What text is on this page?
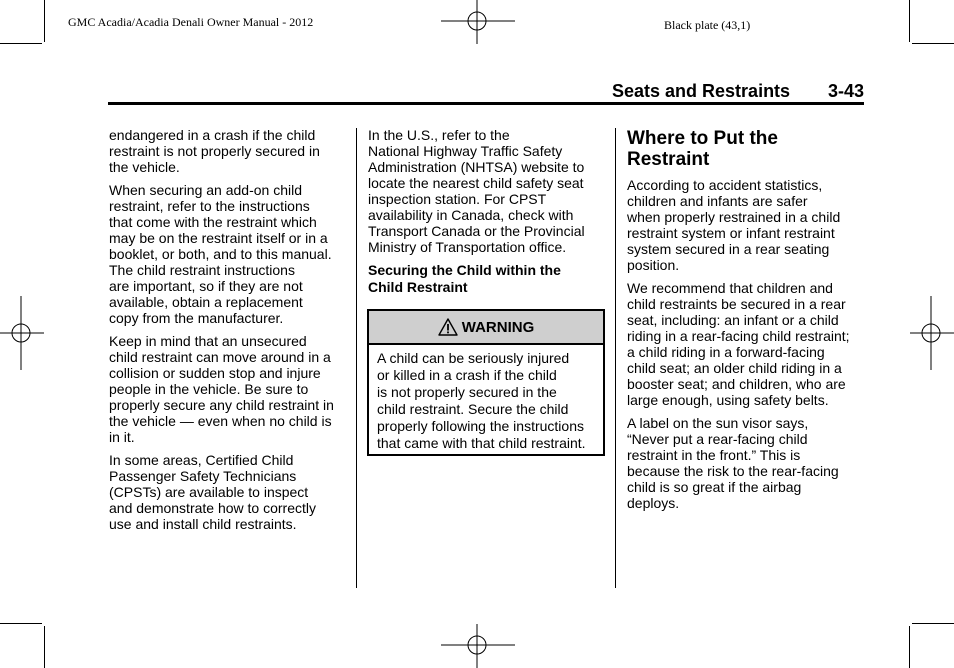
GMC Acadia/Acadia Denali Owner Manual - 2012	Black plate (43,1)
Seats and Restraints 3-43

endangered in a crash if the child
restraint is not properly secured in
the vehicle.

When securing an add-on child
restraint, refer to the instructions
that come with the restraint which
may be on the restraint itself or in a
booklet, or both, and to this manual.
The child restraint instructions
are important, so if they are not
available, obtain a replacement
copy from the manufacturer.

Keep in mind that an unsecured
child restraint can move around in a
collision or sudden stop and injure
people in the vehicle. Be sure to
properly secure any child restraint in
the vehicle — even when no child is
in it.

In some areas, Certified Child
Passenger Safety Technicians
(CPSTs) are available to inspect
and demonstrate how to correctly
use and install child restraints.

In the U.S., refer to the
National Highway Traffic Safety
Administration (NHTSA) website to
locate the nearest child safety seat
inspection station. For CPST
availability in Canada, check with
Transport Canada or the Provincial
Ministry of Transportation office.

Securing the Child within the
Child Restraint
WARNING
A child can be seriously injured
or killed in a crash if the child
is not properly secured in the
child restraint. Secure the child
properly following the instructions
that came with that child restraint.
Where to Put the
Restraint

According to accident statistics,
children and infants are safer
when properly restrained in a child
restraint system or infant restraint
system secured in a rear seating
position.

We recommend that children and
child restraints be secured in a rear
seat, including: an infant or a child
riding in a rear-facing child restraint;
a child riding in a forward-facing
child seat; an older child riding in a
booster seat; and children, who are
large enough, using safety belts.

A label on the sun visor says,
“Never put a rear-facing child
restraint in the front.” This is
because the risk to the rear-facing
child is so great if the airbag
deploys.
